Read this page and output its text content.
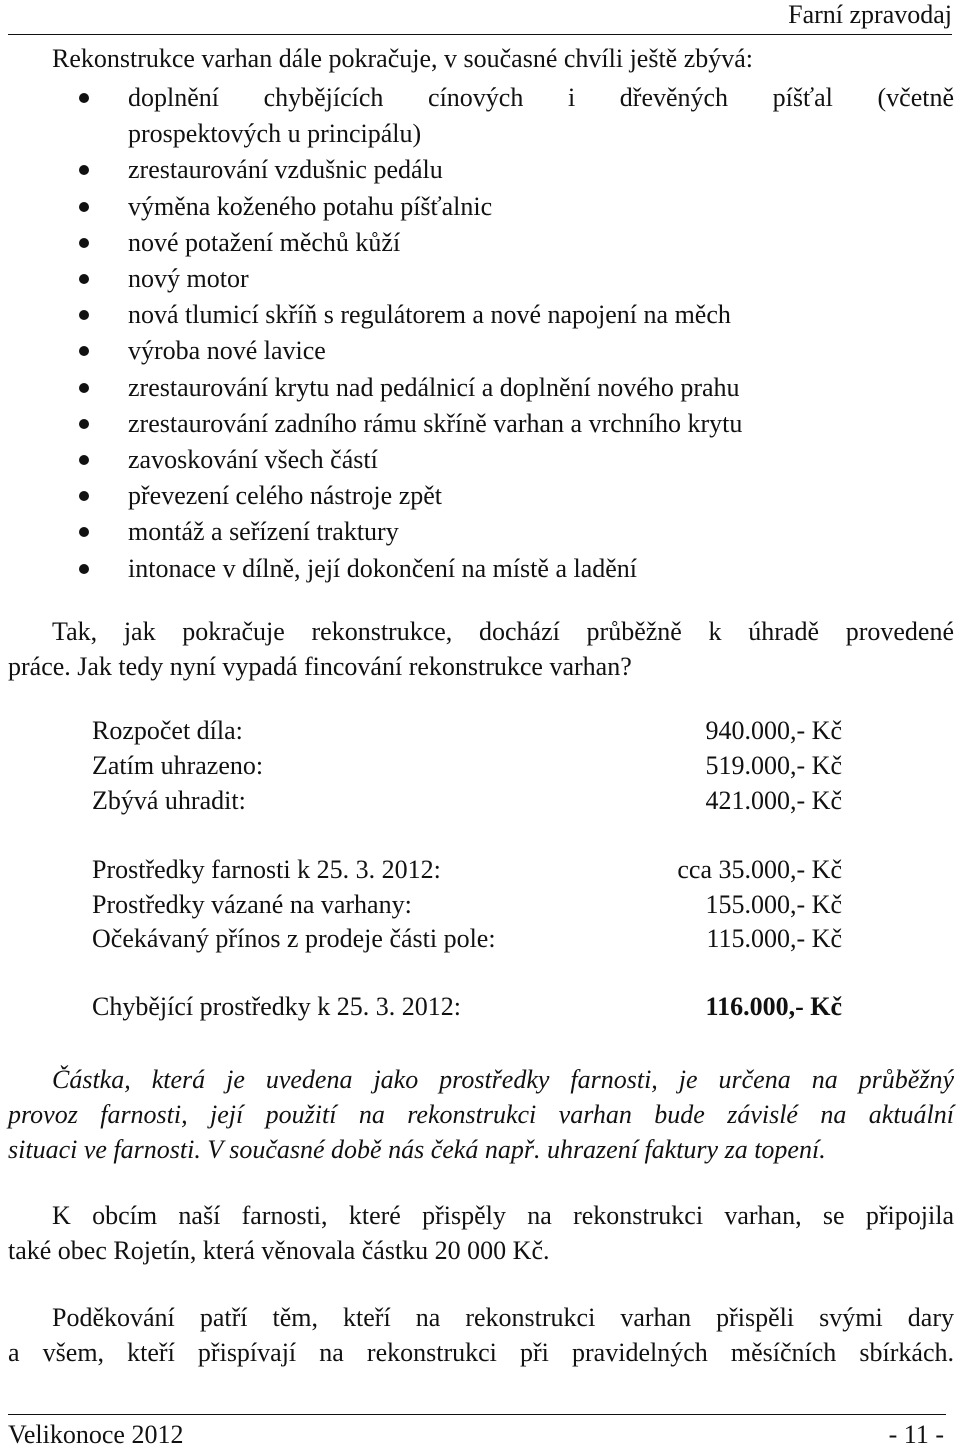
Farní zpravodaj
Rekonstrukce varhan dále pokračuje, v současné chvíli ještě zbývá:
doplnění chybějících cínových i dřevěných píšťal (včetně
prospektových u principálu)
zrestaurování vzdušnic pedálu
výměna koženého potahu píšťalnic
nové potažení měchů kůží
nový motor
nová tlumicí skříň s regulátorem a nové napojení na měch
výroba nové lavice
zrestaurování krytu nad pedálnicí a doplnění nového prahu
zrestaurování zadního rámu skříně varhan a vrchního krytu
zavoskování všech částí
převezení celého nástroje zpět
montáž a seřízení traktury
intonace v dílně, její dokončení na místě a ladění
Tak, jak pokračuje rekonstrukce, dochází průběžně k úhradě provedené
práce. Jak tedy nyní vypadá fincování rekonstrukce varhan?
Rozpočet díla:	940.000,- Kč
Zatím uhrazeno:	519.000,- Kč
Zbývá uhradit:	421.000,- Kč
Prostředky farnosti k 25. 3. 2012:	cca 35.000,- Kč
Prostředky vázané na varhany:	155.000,- Kč
Očekávaný přínos z prodeje části pole:	115.000,- Kč
Chybějící prostředky k 25. 3. 2012:	116.000,- Kč
Částka, která je uvedena jako prostředky farnosti, je určena na průběžný
provoz farnosti, její použití na rekonstrukci varhan bude závislé na aktuální
situaci ve farnosti. V současné době nás čeká např. uhrazení faktury za topení.
K obcím naší farnosti, které přispěly na rekonstrukci varhan, se připojila
také obec Rojetín, která věnovala částku 20 000 Kč.
Poděkování patří těm, kteří na rekonstrukci varhan přispěli svými dary
a všem, kteří přispívají na rekonstrukci při pravidelných měsíčních sbírkách.
Velikonoce 2012	- 11 -
